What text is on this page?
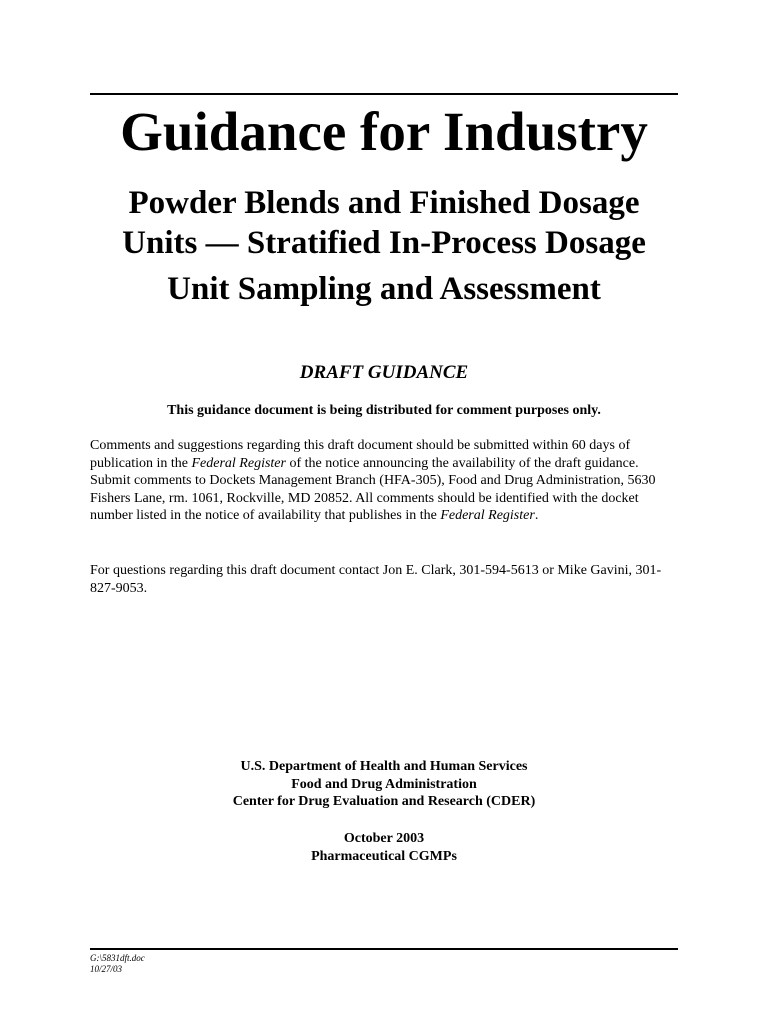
Guidance for Industry
Powder Blends and Finished Dosage
Units — Stratified In-Process Dosage
Unit Sampling and Assessment
DRAFT GUIDANCE
This guidance document is being distributed for comment purposes only.

Comments and suggestions regarding this draft document should be submitted within 60 days of publication in the Federal Register of the notice announcing the availability of the draft guidance. Submit comments to Dockets Management Branch (HFA-305), Food and Drug Administration, 5630 Fishers Lane, rm. 1061, Rockville, MD 20852. All comments should be identified with the docket number listed in the notice of availability that publishes in the Federal Register.

For questions regarding this draft document contact Jon E. Clark, 301-594-5613 or Mike Gavini, 301-827-9053.

U.S. Department of Health and Human Services
Food and Drug Administration
Center for Drug Evaluation and Research (CDER)
October 2003
Pharmaceutical CGMPs
G:\5831dft.doc
10/27/03
